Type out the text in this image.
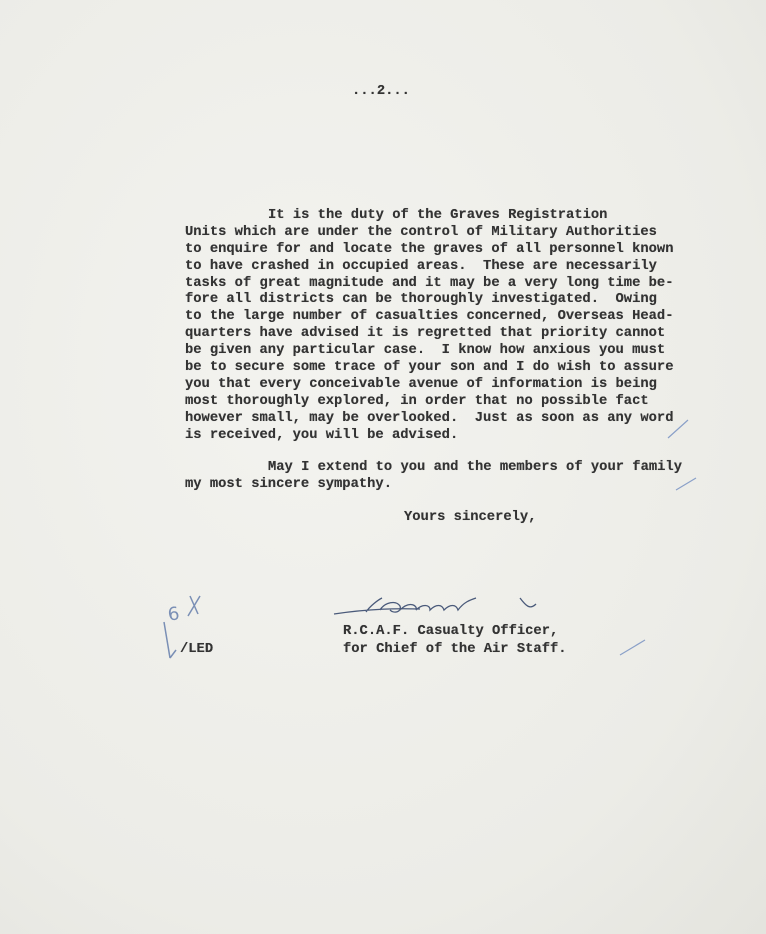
...2...
It is the duty of the Graves Registration
Units which are under the control of Military Authorities
to enquire for and locate the graves of all personnel known
to have crashed in occupied areas.  These are necessarily
tasks of great magnitude and it may be a very long time be-
fore all districts can be thoroughly investigated.  Owing
to the large number of casualties concerned, Overseas Head-
quarters have advised it is regretted that priority cannot
be given any particular case.  I know how anxious you must
be to secure some trace of your son and I do wish to assure
you that every conceivable avenue of information is being
most thoroughly explored, in order that no possible fact
however small, may be overlooked.  Just as soon as any word
is received, you will be advised.
May I extend to you and the members of your family
my most sincere sympathy.
Yours sincerely,
R.C.A.F. Casualty Officer,
for Chief of the Air Staff.
/LED
6
